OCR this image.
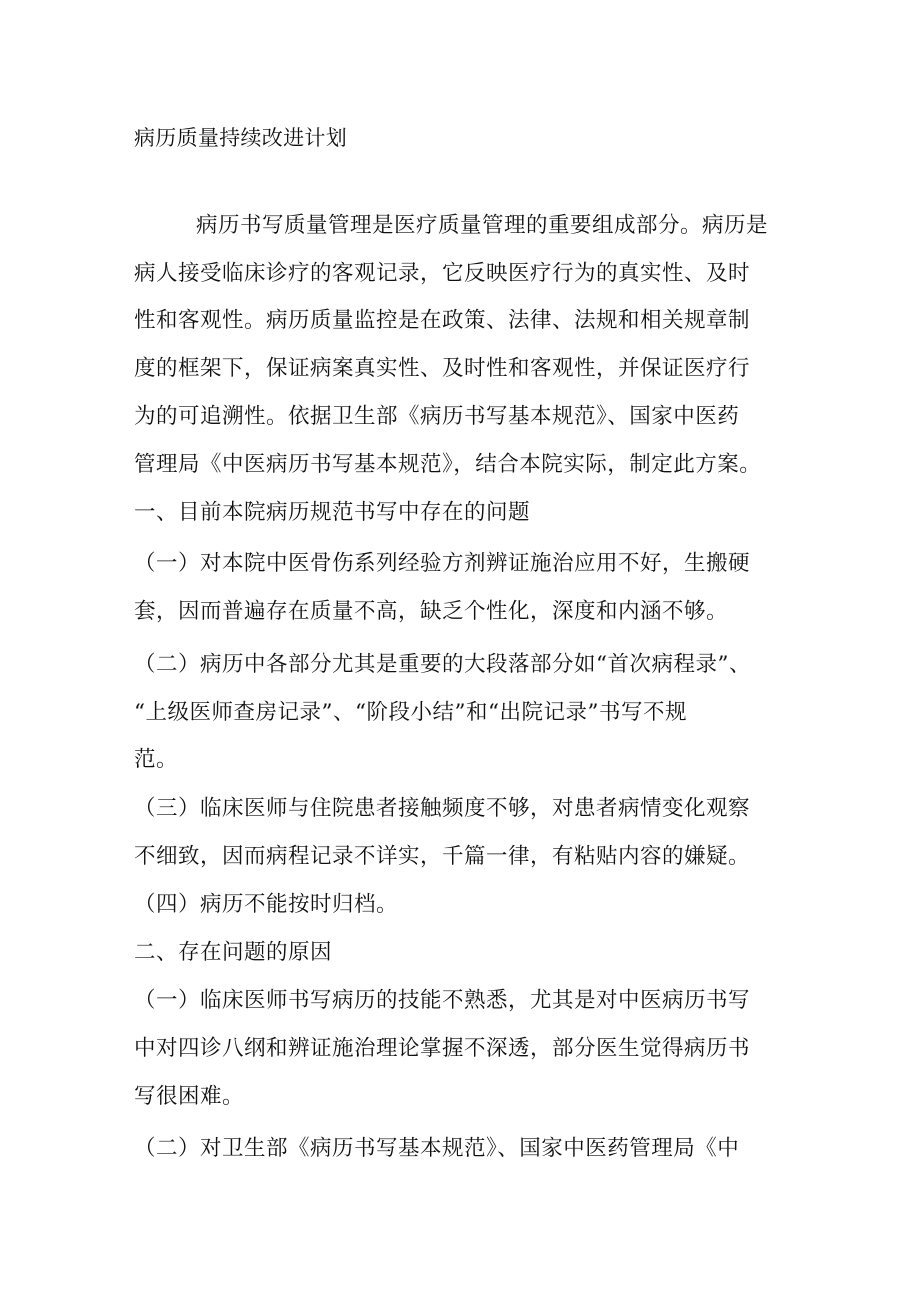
病历质量持续改进计划
病历书写质量管理是医疗质量管理的重要组成部分。病历是
病人接受临床诊疗的客观记录，它反映医疗行为的真实性、及时
性和客观性。病历质量监控是在政策、法律、法规和相关规章制
度的框架下，保证病案真实性、及时性和客观性，并保证医疗行
为的可追溯性。依据卫生部《病历书写基本规范》、国家中医药
管理局《中医病历书写基本规范》，结合本院实际，制定此方案。
一、目前本院病历规范书写中存在的问题
（一）对本院中医骨伤系列经验方剂辨证施治应用不好，生搬硬
套，因而普遍存在质量不高，缺乏个性化，深度和内涵不够。
（二）病历中各部分尤其是重要的大段落部分如“首次病程录”、
“上级医师查房记录”、“阶段小结”和“出院记录”书写不规
范。
（三）临床医师与住院患者接触频度不够，对患者病情变化观察
不细致，因而病程记录不详实，千篇一律，有粘贴内容的嫌疑。
（四）病历不能按时归档。
二、存在问题的原因
（一）临床医师书写病历的技能不熟悉，尤其是对中医病历书写
中对四诊八纲和辨证施治理论掌握不深透，部分医生觉得病历书
写很困难。
（二）对卫生部《病历书写基本规范》、国家中医药管理局《中
